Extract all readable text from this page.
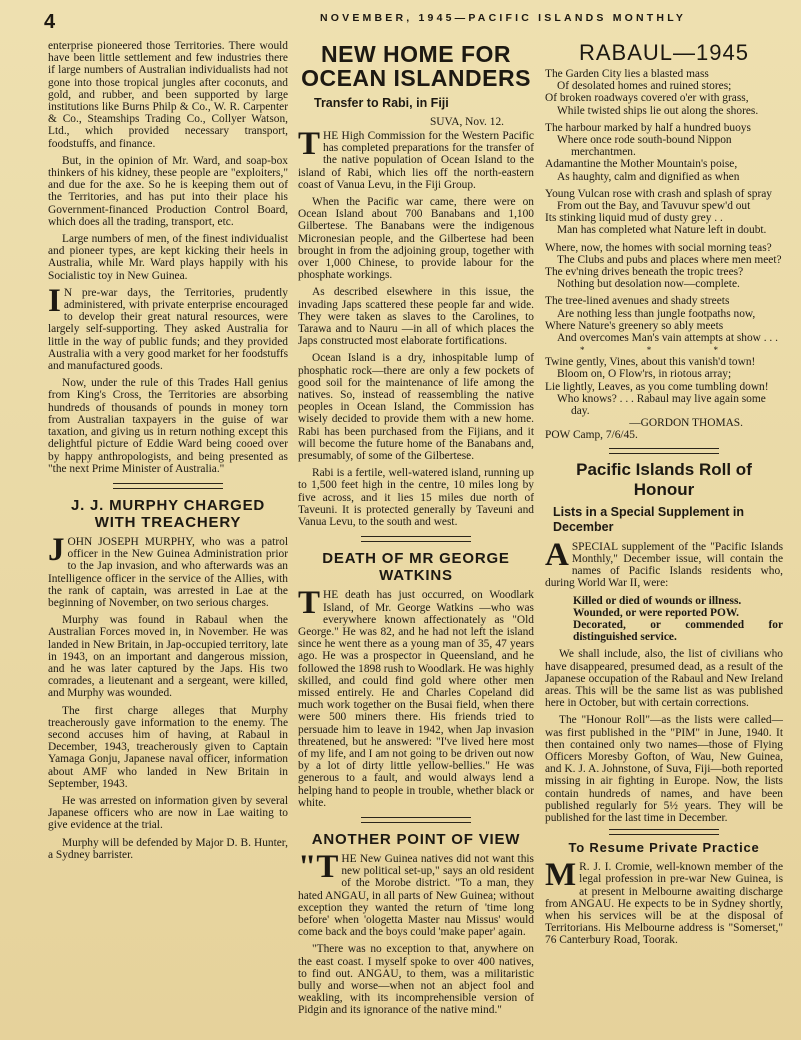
4	NOVEMBER, 1945—PACIFIC ISLANDS MONTHLY

enterprise pioneered those Territories. There would have been little settlement and few industries there if large numbers of Australian individualists had not gone into those tropical jungles after coconuts, and gold, and rubber, and been supported by large institutions like Burns Philp & Co., W. R. Carpenter & Co., Steamships Trading Co., Collyer Watson, Ltd., which provided necessary transport, foodstuffs, and finance.

But, in the opinion of Mr. Ward, and soap-box thinkers of his kidney, these people are "exploiters," and due for the axe. So he is keeping them out of the Territories, and has put into their place his Government-financed Production Control Board, which does all the trading, transport, etc.

Large numbers of men, of the finest individualist and pioneer types, are kept kicking their heels in Australia, while Mr. Ward plays happily with his Socialistic toy in New Guinea.

IN pre-war days, the Territories, prudently administered, with private enterprise encouraged to develop their great natural resources, were largely self-supporting. They asked Australia for little in the way of public funds; and they provided Australia with a very good market for her foodstuffs and manufactured goods.

Now, under the rule of this Trades Hall genius from King's Cross, the Territories are absorbing hundreds of thousands of pounds in money torn from Australian taxpayers in the guise of war taxation, and giving us in return nothing except this delightful picture of Eddie Ward being cooed over by happy anthropologists, and being presented as "the next Prime Minister of Australia."

J. J. MURPHY CHARGED WITH TREACHERY

JOHN JOSEPH MURPHY, who was a patrol officer in the New Guinea Administration prior to the Jap invasion, and who afterwards was an Intelligence officer in the service of the Allies, with the rank of captain, was arrested in Lae at the beginning of November, on two serious charges.

Murphy was found in Rabaul when the Australian Forces moved in, in November. He was landed in New Britain, in Jap-occupied territory, late in 1943, on an important and dangerous mission, and he was later captured by the Japs. His two comrades, a lieutenant and a sergeant, were killed, and Murphy was wounded.

The first charge alleges that Murphy treacherously gave information to the enemy. The second accuses him of having, at Rabaul in December, 1943, treacherously given to Captain Yamaga Gonju, Japanese naval officer, information about AMF who landed in New Britain in September, 1943.

He was arrested on information given by several Japanese officers who are now in Lae waiting to give evidence at the trial.

Murphy will be defended by Major D. B. Hunter, a Sydney barrister.

NEW HOME FOR OCEAN ISLANDERS
Transfer to Rabi, in Fiji
SUVA, Nov. 12.

THE High Commission for the Western Pacific has completed preparations for the transfer of the native population of Ocean Island to the island of Rabi, which lies off the north-eastern coast of Vanua Levu, in the Fiji Group.

When the Pacific war came, there were on Ocean Island about 700 Banabans and 1,100 Gilbertese. The Banabans were the indigenous Micronesian people, and the Gilbertese had been brought in from the adjoining group, together with over 1,000 Chinese, to provide labour for the phosphate workings.

As described elsewhere in this issue, the invading Japs scattered these people far and wide. They were taken as slaves to the Carolines, to Tarawa and to Nauru —in all of which places the Japs constructed most elaborate fortifications.

Ocean Island is a dry, inhospitable lump of phosphatic rock—there are only a few pockets of good soil for the maintenance of life among the natives. So, instead of reassembling the native peoples in Ocean Island, the Commission has wisely decided to provide them with a new home. Rabi has been purchased from the Fijians, and it will become the future home of the Banabans and, presumably, of some of the Gilbertese.

Rabi is a fertile, well-watered island, running up to 1,500 feet high in the centre, 10 miles long by five across, and it lies 15 miles due north of Taveuni. It is protected generally by Taveuni and Vanua Levu, to the south and west.

DEATH OF MR GEORGE WATKINS

THE death has just occurred, on Woodlark Island, of Mr. George Watkins —who was everywhere known affectionately as "Old George." He was 82, and he had not left the island since he went there as a young man of 35, 47 years ago. He was a prospector in Queensland, and he followed the 1898 rush to Woodlark. He was highly skilled, and could find gold where other men missed entirely. He and Charles Copeland did much work together on the Busai field, when there were 500 miners there. His friends tried to persuade him to leave in 1942, when Jap invasion threatened, but he answered: "I've lived here most of my life, and I am not going to be driven out now by a lot of dirty little yellow-bellies." He was generous to a fault, and would always lend a helping hand to people in trouble, whether black or white.

ANOTHER POINT OF VIEW

"THE New Guinea natives did not want this new political set-up," says an old resident of the Morobe district. "To a man, they hated ANGAU, in all parts of New Guinea; without exception they wanted the return of 'time long before' when 'ologetta Master nau Missus' would come back and the boys could 'make paper' again.

"There was no exception to that, anywhere on the east coast. I myself spoke to over 400 natives, to find out. ANGAU, to them, was a militaristic bully and worse—when not an abject fool and weakling, with its incomprehensible version of Pidgin and its ignorance of the native mind."

RABAUL—1945

The Garden City lies a blasted mass

Of desolated homes and ruined stores;

Of broken roadways covered o'er with grass,

While twisted ships lie out along the shores.

The harbour marked by half a hundred buoys

Where once rode south-bound Nippon merchantmen.

Adamantine the Mother Mountain's poise,

As haughty, calm and dignified as when

Young Vulcan rose with crash and splash of spray

From out the Bay, and Tavuvur spew'd out

Its stinking liquid mud of dusty grey . .

Man has completed what Nature left in doubt.

Where, now, the homes with social morning teas?

The Clubs and pubs and places where men meet?

The ev'ning drives beneath the tropic trees?

Nothing but desolation now—complete.

The tree-lined avenues and shady streets

Are nothing less than jungle footpaths now,

Where Nature's greenery so ably meets

And overcomes Man's vain attempts at show . . .

* * *

Twine gently, Vines, about this vanish'd town!

Bloom on, O Flow'rs, in riotous array;

Lie lightly, Leaves, as you come tumbling down!

Who knows? . . . Rabaul may live again some day.

—GORDON THOMAS.

POW Camp, 7/6/45.

Pacific Islands Roll of Honour
Lists in a Special Supplement in December

ASPECIAL supplement of the "Pacific Islands Monthly," December issue, will contain the names of Pacific Islands residents who, during World War II, were:

Killed or died of wounds or illness.

Wounded, or were reported POW.

Decorated, or commended for distinguished service.

We shall include, also, the list of civilians who have disappeared, presumed dead, as a result of the Japanese occupation of the Rabaul and New Ireland areas. This will be the same list as was published here in October, but with certain corrections.

The "Honour Roll"—as the lists were called—was first published in the "PIM" in June, 1940. It then contained only two names—those of Flying Officers Moresby Gofton, of Wau, New Guinea, and K. J. A. Johnstone, of Suva, Fiji—both reported missing in air fighting in Europe. Now, the lists contain hundreds of names, and have been published regularly for 5½ years. They will be published for the last time in December.

To Resume Private Practice

MR. J. I. Cromie, well-known member of the legal profession in pre-war New Guinea, is at present in Melbourne awaiting discharge from ANGAU. He expects to be in Sydney shortly, when his services will be at the disposal of Territorians. His Melbourne address is "Somerset," 76 Canterbury Road, Toorak.
